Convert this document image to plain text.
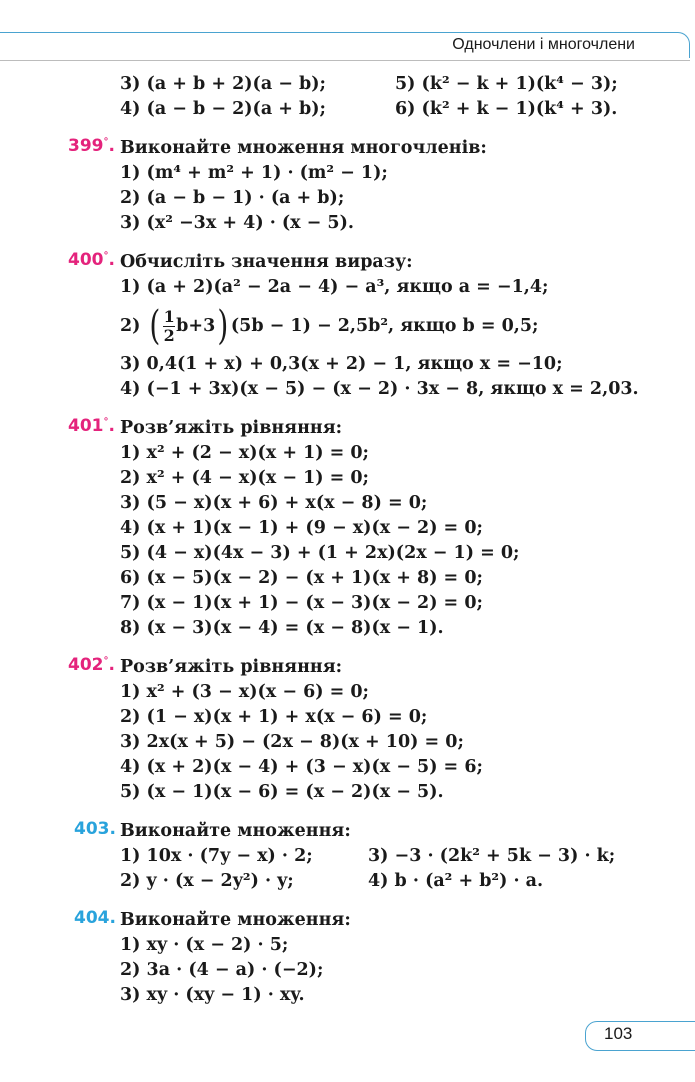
Одночлени і многочлени
3) (a + b + 2)(a − b);	5) (k² − k + 1)(k⁴ − 3);
4) (a − b − 2)(a + b);	6) (k² + k − 1)(k⁴ + 3).
399°. Виконайте множення многочленів:
1) (m⁴ + m² + 1) · (m² − 1);
2) (a − b − 1) · (a + b);
3) (x² −3x + 4) · (x − 5).
400°. Обчисліть значення виразу:
1) (a + 2)(a² − 2a − 4) − a³, якщо a = −1,4;
2)
( $\frac{1}{2} b+3$ ) (5b − 1) − 2,5b², якщо b = 0,5;
3) 0,4(1 + x) + 0,3(x + 2) − 1, якщо x = −10;
4) (−1 + 3x)(x − 5) − (x − 2) · 3x − 8, якщо x = 2,03.
401°. Розв’яжіть рівняння:
1) x² + (2 − x)(x + 1) = 0;
2) x² + (4 − x)(x − 1) = 0;
3) (5 − x)(x + 6) + x(x − 8) = 0;
4) (x + 1)(x − 1) + (9 − x)(x − 2) = 0;
5) (4 − x)(4x − 3) + (1 + 2x)(2x − 1) = 0;
6) (x − 5)(x − 2) − (x + 1)(x + 8) = 0;
7) (x − 1)(x + 1) − (x − 3)(x − 2) = 0;
8) (x − 3)(x − 4) = (x − 8)(x − 1).
402°. Розв’яжіть рівняння:
1) x² + (3 − x)(x − 6) = 0;
2) (1 − x)(x + 1) + x(x − 6) = 0;
3) 2x(x + 5) − (2x − 8)(x + 10) = 0;
4) (x + 2)(x − 4) + (3 − x)(x − 5) = 6;
5) (x − 1)(x − 6) = (x − 2)(x − 5).
403. Виконайте множення:
1) 10x · (7y − x) · 2;	3) −3 · (2k² + 5k − 3) · k;
2) y · (x − 2y²) · y;	4) b · (a² + b²) · a.
404. Виконайте множення:
1) xy · (x − 2) · 5;
2) 3a · (4 − a) · (−2);
3) xy · (xy − 1) · xy.
103
